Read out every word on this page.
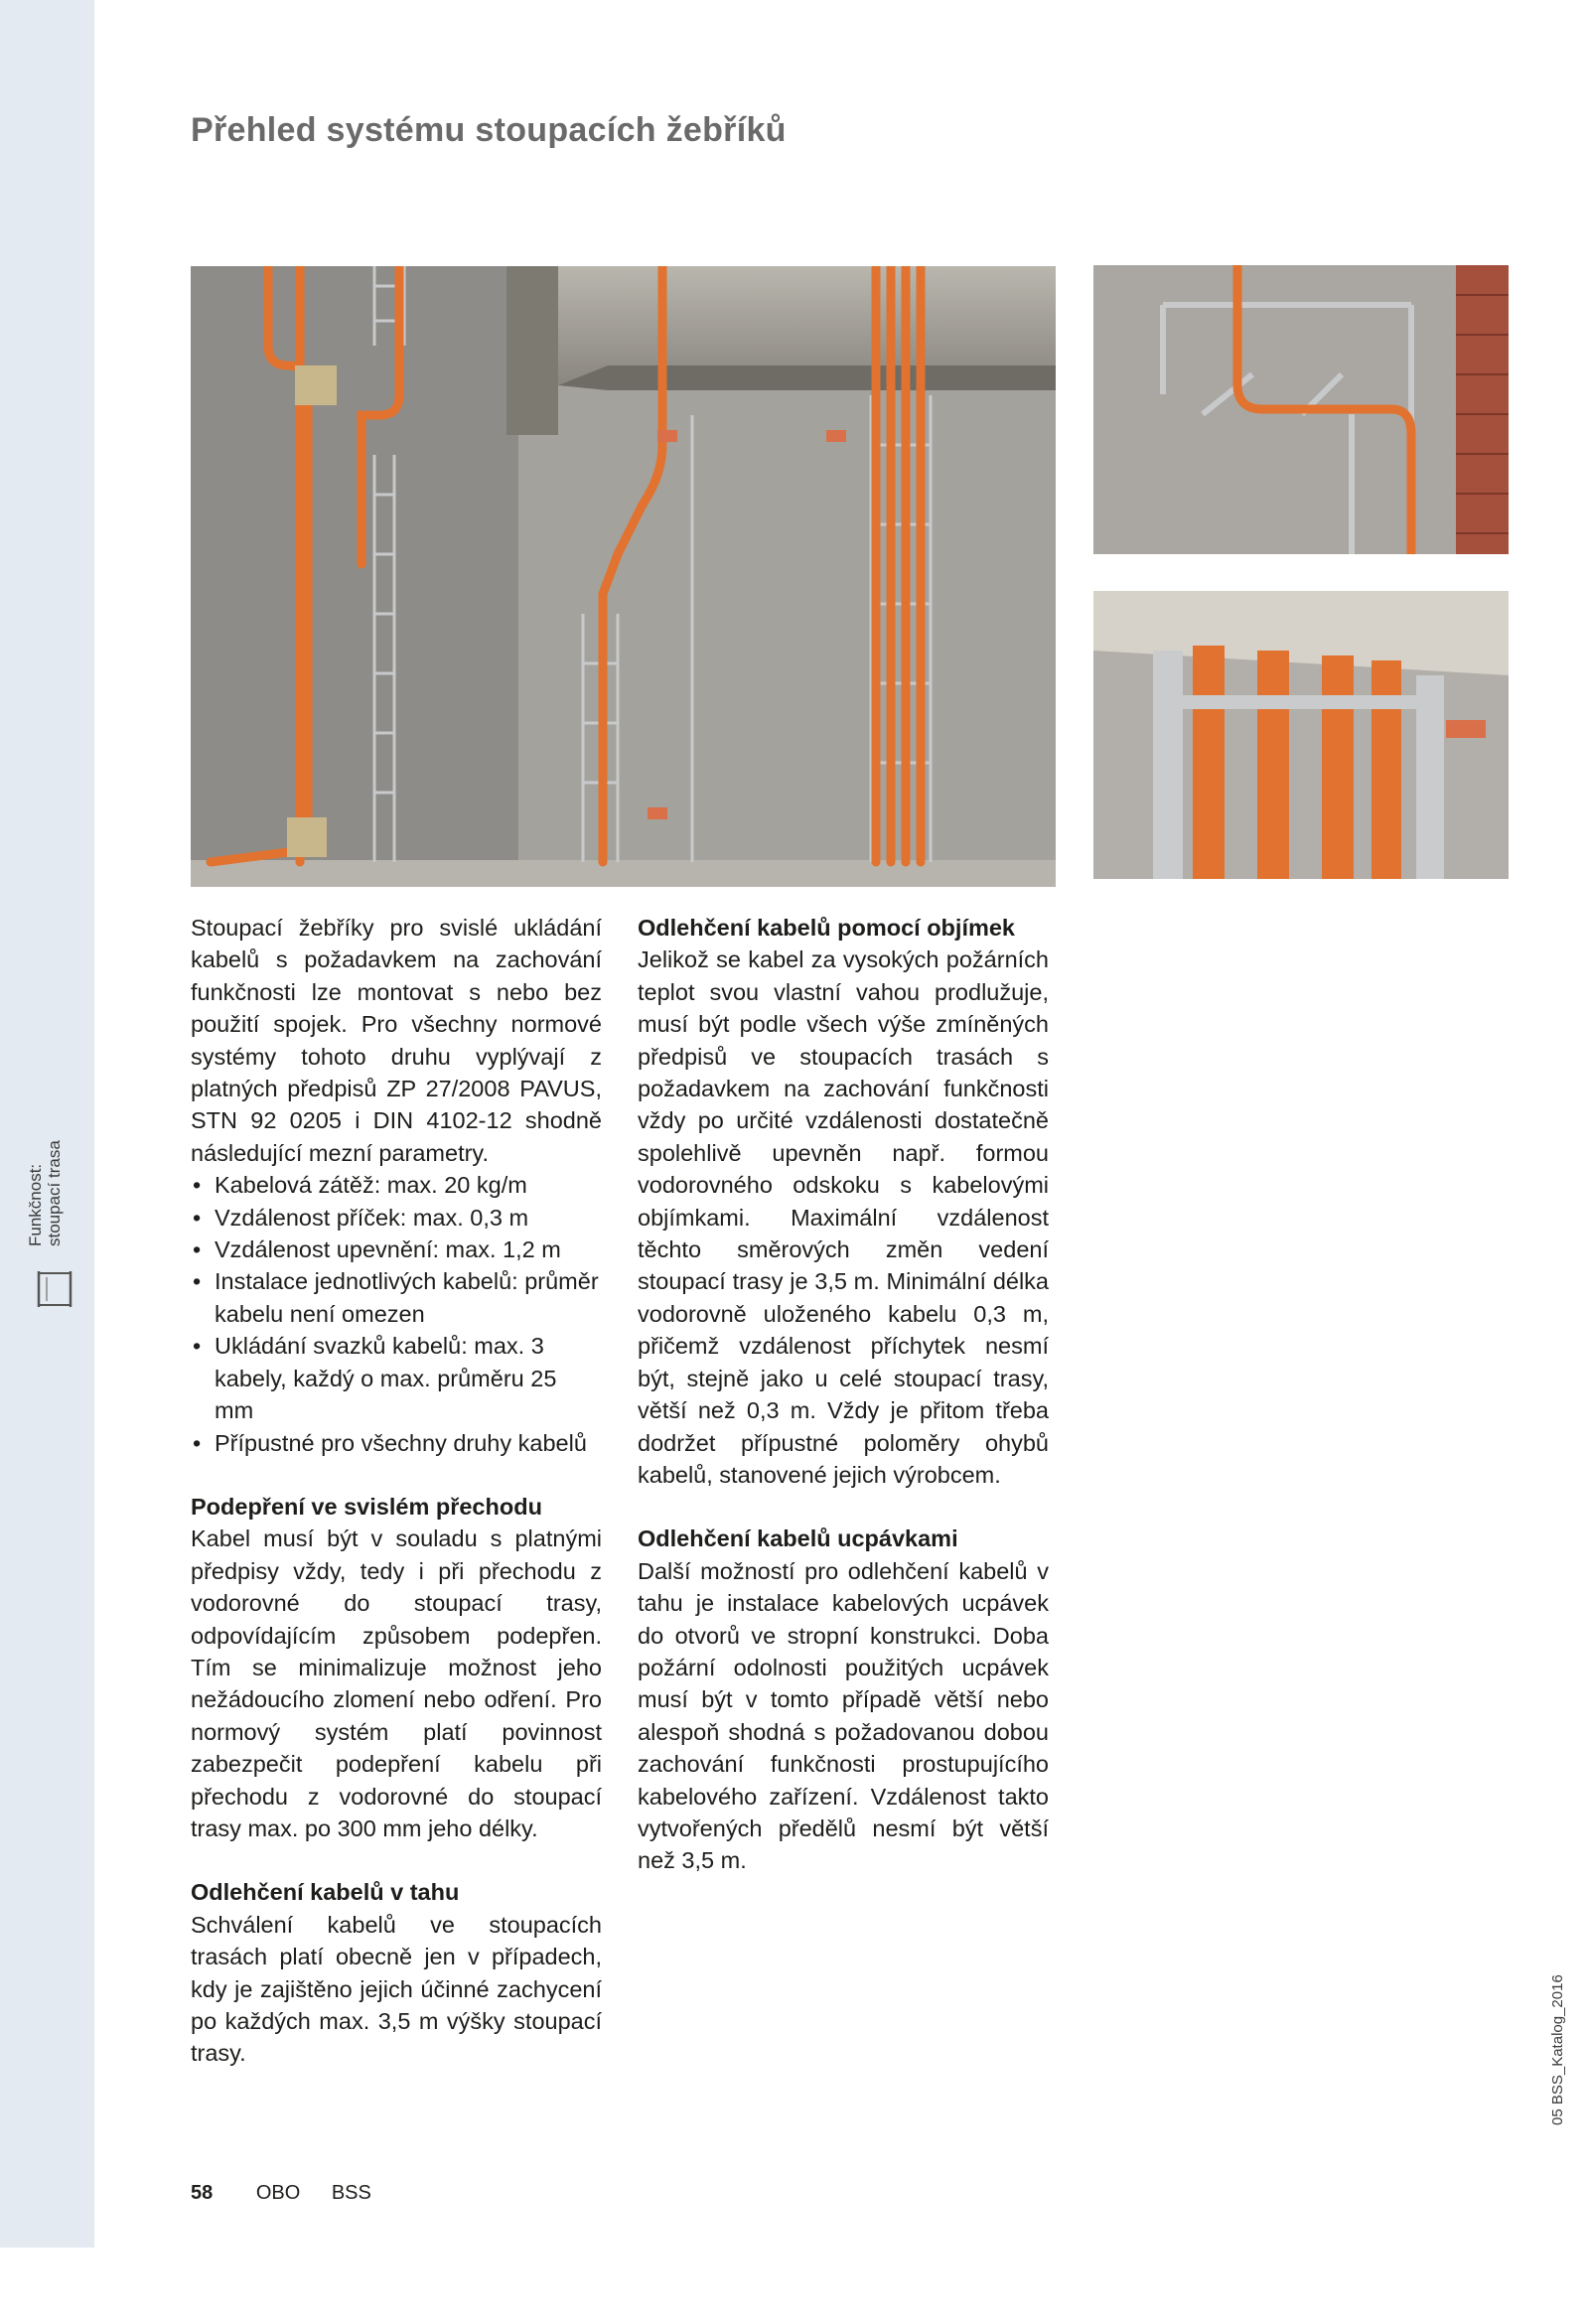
Funkčnost: stoupací trasa
Přehled systému stoupacích žebříků

Stoupací žebříky pro svislé ukládání kabelů s požadavkem na zachování funkčnosti lze montovat s nebo bez použití spojek. Pro všechny normové systémy tohoto druhu vyplývají z platných předpisů ZP 27/2008 PAVUS, STN 92 0205 i DIN 4102-12 shodně následující mezní parametry.

• Kabelová zátěž: max. 20 kg/m
• Vzdálenost příček: max. 0,3 m
• Vzdálenost upevnění: max. 1,2 m
• Instalace jednotlivých kabelů: průměr kabelu není omezen
• Ukládání svazků kabelů: max. 3 kabely, každý o max. průměru 25 mm
• Přípustné pro všechny druhy kabelů
Podepření ve svislém přechodu

Kabel musí být v souladu s platnými předpisy vždy, tedy i při přechodu z vodorovné do stoupací trasy, odpovídajícím způsobem podepřen. Tím se minimalizuje možnost jeho nežádoucího zlomení nebo odření. Pro normový systém platí povinnost zabezpečit podepření kabelu při přechodu z vodorovné do stoupací trasy max. po 300 mm jeho délky.

Odlehčení kabelů v tahu

Schválení kabelů ve stoupacích trasách platí obecně jen v případech, kdy je zajištěno jejich účinné zachycení po každých max. 3,5 m výšky stoupací trasy.

Odlehčení kabelů pomocí objímek

Jelikož se kabel za vysokých požárních teplot svou vlastní vahou prodlužuje, musí být podle všech výše zmíněných předpisů ve stoupacích trasách s požadavkem na zachování funkčnosti vždy po určité vzdálenosti dostatečně spolehlivě upevněn např. formou vodorovného odskoku s kabelovými objímkami. Maximální vzdálenost těchto směrových změn vedení stoupací trasy je 3,5 m. Minimální délka vodorovně uloženého kabelu 0,3 m, přičemž vzdálenost příchytek nesmí být, stejně jako u celé stoupací trasy, větší než 0,3 m. Vždy je přitom třeba dodržet přípustné poloměry ohybů kabelů, stanovené jejich výrobcem.

Odlehčení kabelů ucpávkami

Další možností pro odlehčení kabelů v tahu je instalace kabelových ucpávek do otvorů ve stropní konstrukci. Doba požární odolnosti použitých ucpávek musí být v tomto případě větší nebo alespoň shodná s požadovanou dobou zachování funkčnosti prostupujícího kabelového zařízení. Vzdálenost takto vytvořených předělů nesmí být větší než 3,5 m.

58 OBO BSS
05 BSS_Katalog_2016
